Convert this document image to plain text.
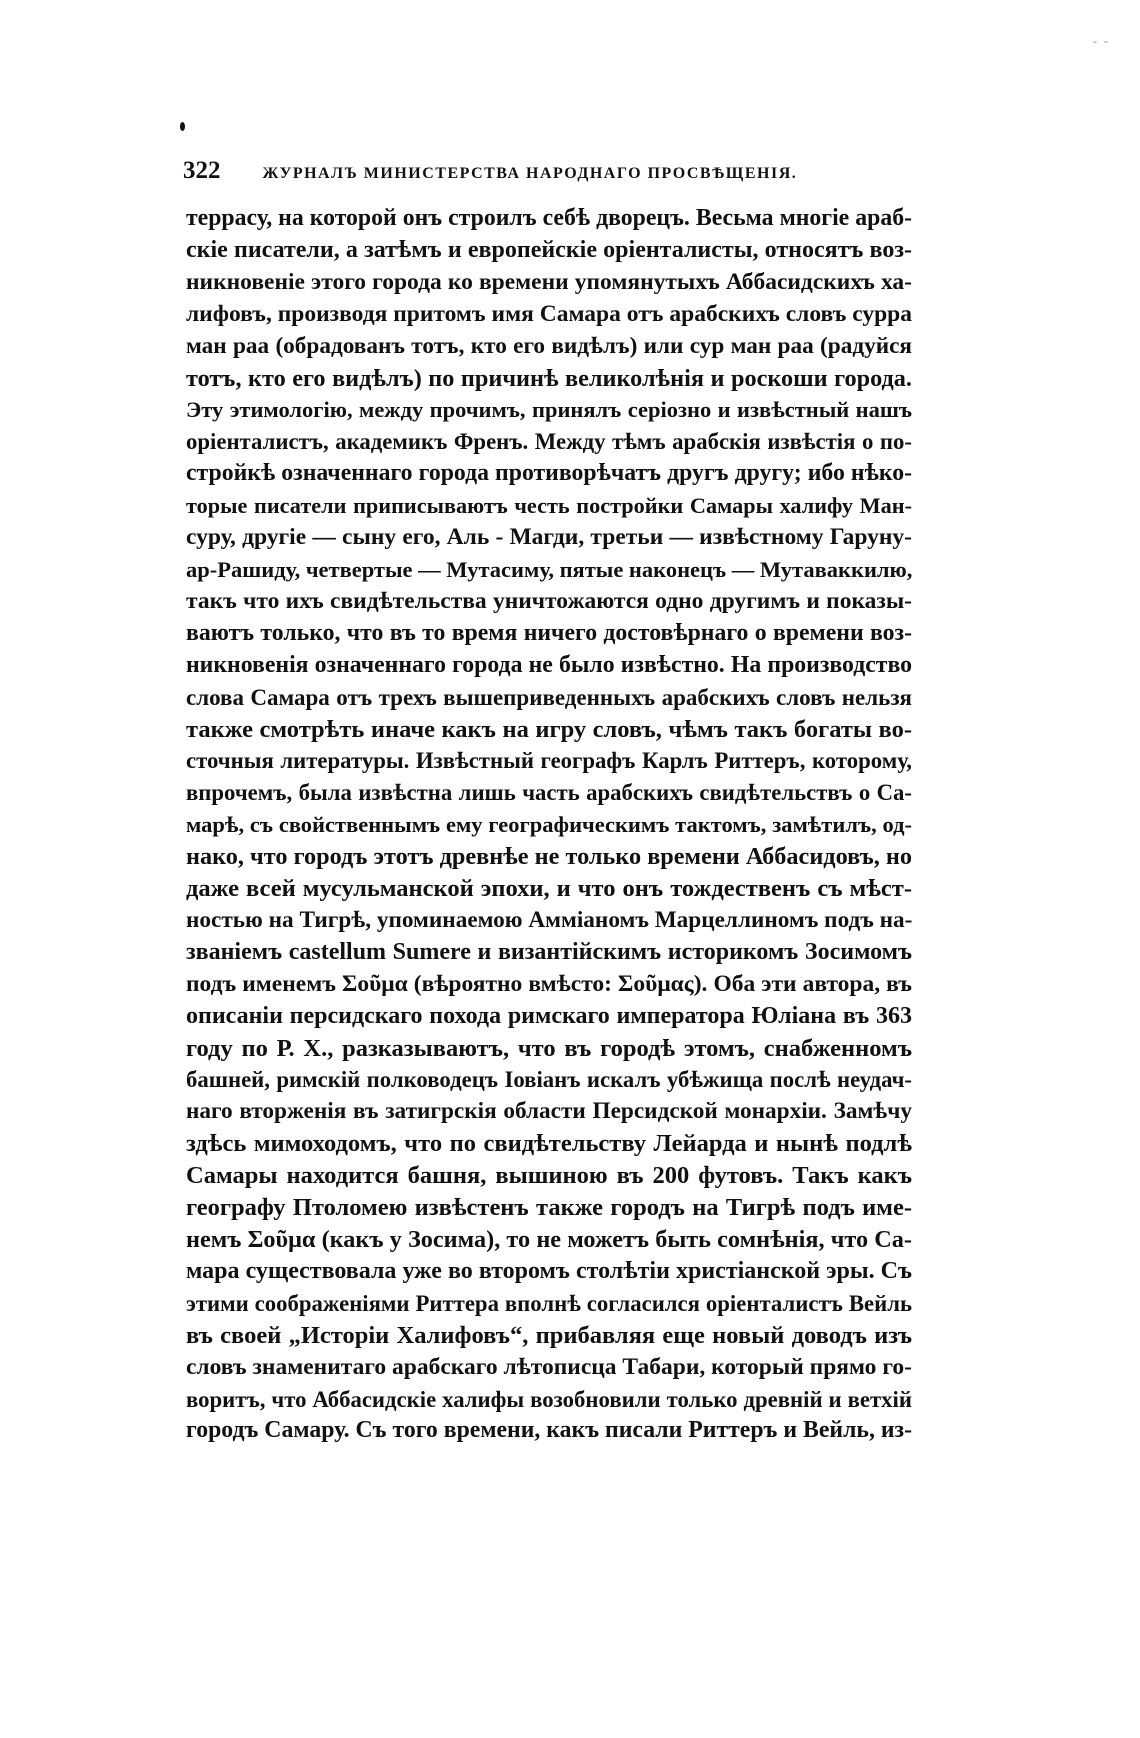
- -
322	ЖУРНАЛЪ МИНИСТЕРСТВА НАРОДНАГО ПРОСВѢЩЕНІЯ.
террасу, на которой онъ строилъ себѣ дворецъ. Весьма многіе араб-
скіе писатели, а затѣмъ и европейскіе оріенталисты, относятъ воз-
никновеніе этого города ко времени упомянутыхъ Аббасидскихъ ха-
лифовъ, производя притомъ имя Самара отъ арабскихъ словъ сурра
ман раа (обрадованъ тотъ, кто его видѣлъ) или сур ман раа (радуйся
тотъ, кто его видѣлъ) по причинѣ великолѣнія и роскоши города.
Эту этимологію, между прочимъ, принялъ серіозно и извѣстный нашъ
оріенталистъ, академикъ Френъ. Между тѣмъ арабскія извѣстія о по-
стройкѣ означеннаго города противорѣчатъ другъ другу; ибо нѣко-
торые писатели приписываютъ честь постройки Самары халифу Ман-
суру, другіе — сыну его, Аль - Магди, третьи — извѣстному Гаруну-
ар-Рашиду, четвертые — Мутасиму, пятые наконецъ — Мутаваккилю,
такъ что ихъ свидѣтельства уничтожаются одно другимъ и показы-
ваютъ только, что въ то время ничего достовѣрнаго о времени воз-
никновенія означеннаго города не было извѣстно. На производство
слова Самара отъ трехъ вышеприведенныхъ арабскихъ словъ нельзя
также смотрѣть иначе какъ на игру словъ, чѣмъ такъ богаты во-
сточныя литературы. Извѣстный географъ Карлъ Риттеръ, которому,
впрочемъ, была извѣстна лишь часть арабскихъ свидѣтельствъ о Са-
марѣ, съ свойственнымъ ему географическимъ тактомъ, замѣтилъ, од-
нако, что городъ этотъ древнѣе не только времени Аббасидовъ, но
даже всей мусульманской эпохи, и что онъ тождественъ съ мѣст-
ностью на Тигрѣ, упоминаемою Амміаномъ Марцеллиномъ подъ на-
званіемъ castellum Sumere и византійскимъ историкомъ Зосимомъ
подъ именемъ Σοῦμα (вѣроятно вмѣсто: Σοῦμας). Оба эти автора, въ
описаніи персидскаго похода римскаго императора Юліана въ 363
году по Р. Х., разказываютъ, что въ городѣ этомъ, снабженномъ
башней, римскій полководецъ Іовіанъ искалъ убѣжища послѣ неудач-
наго вторженія въ затигрскія области Персидской монархіи. Замѣчу
здѣсь мимоходомъ, что по свидѣтельству Лейарда и нынѣ подлѣ
Самары находится башня, вышиною въ 200 футовъ. Такъ какъ
географу Птоломею извѣстенъ также городъ на Тигрѣ подъ име-
немъ Σοῦμα (какъ у Зосима), то не можетъ быть сомнѣнія, что Са-
мара существовала уже во второмъ столѣтіи христіанской эры. Съ
этими соображеніями Риттера вполнѣ согласился оріенталистъ Вейль
въ своей „Исторіи Халифовъ“, прибавляя еще новый доводъ изъ
словъ знаменитаго арабскаго лѣтописца Табари, который прямо го-
воритъ, что Аббасидскіе халифы возобновили только древній и ветхій
городъ Самару. Съ того времени, какъ писали Риттеръ и Вейль, из-
